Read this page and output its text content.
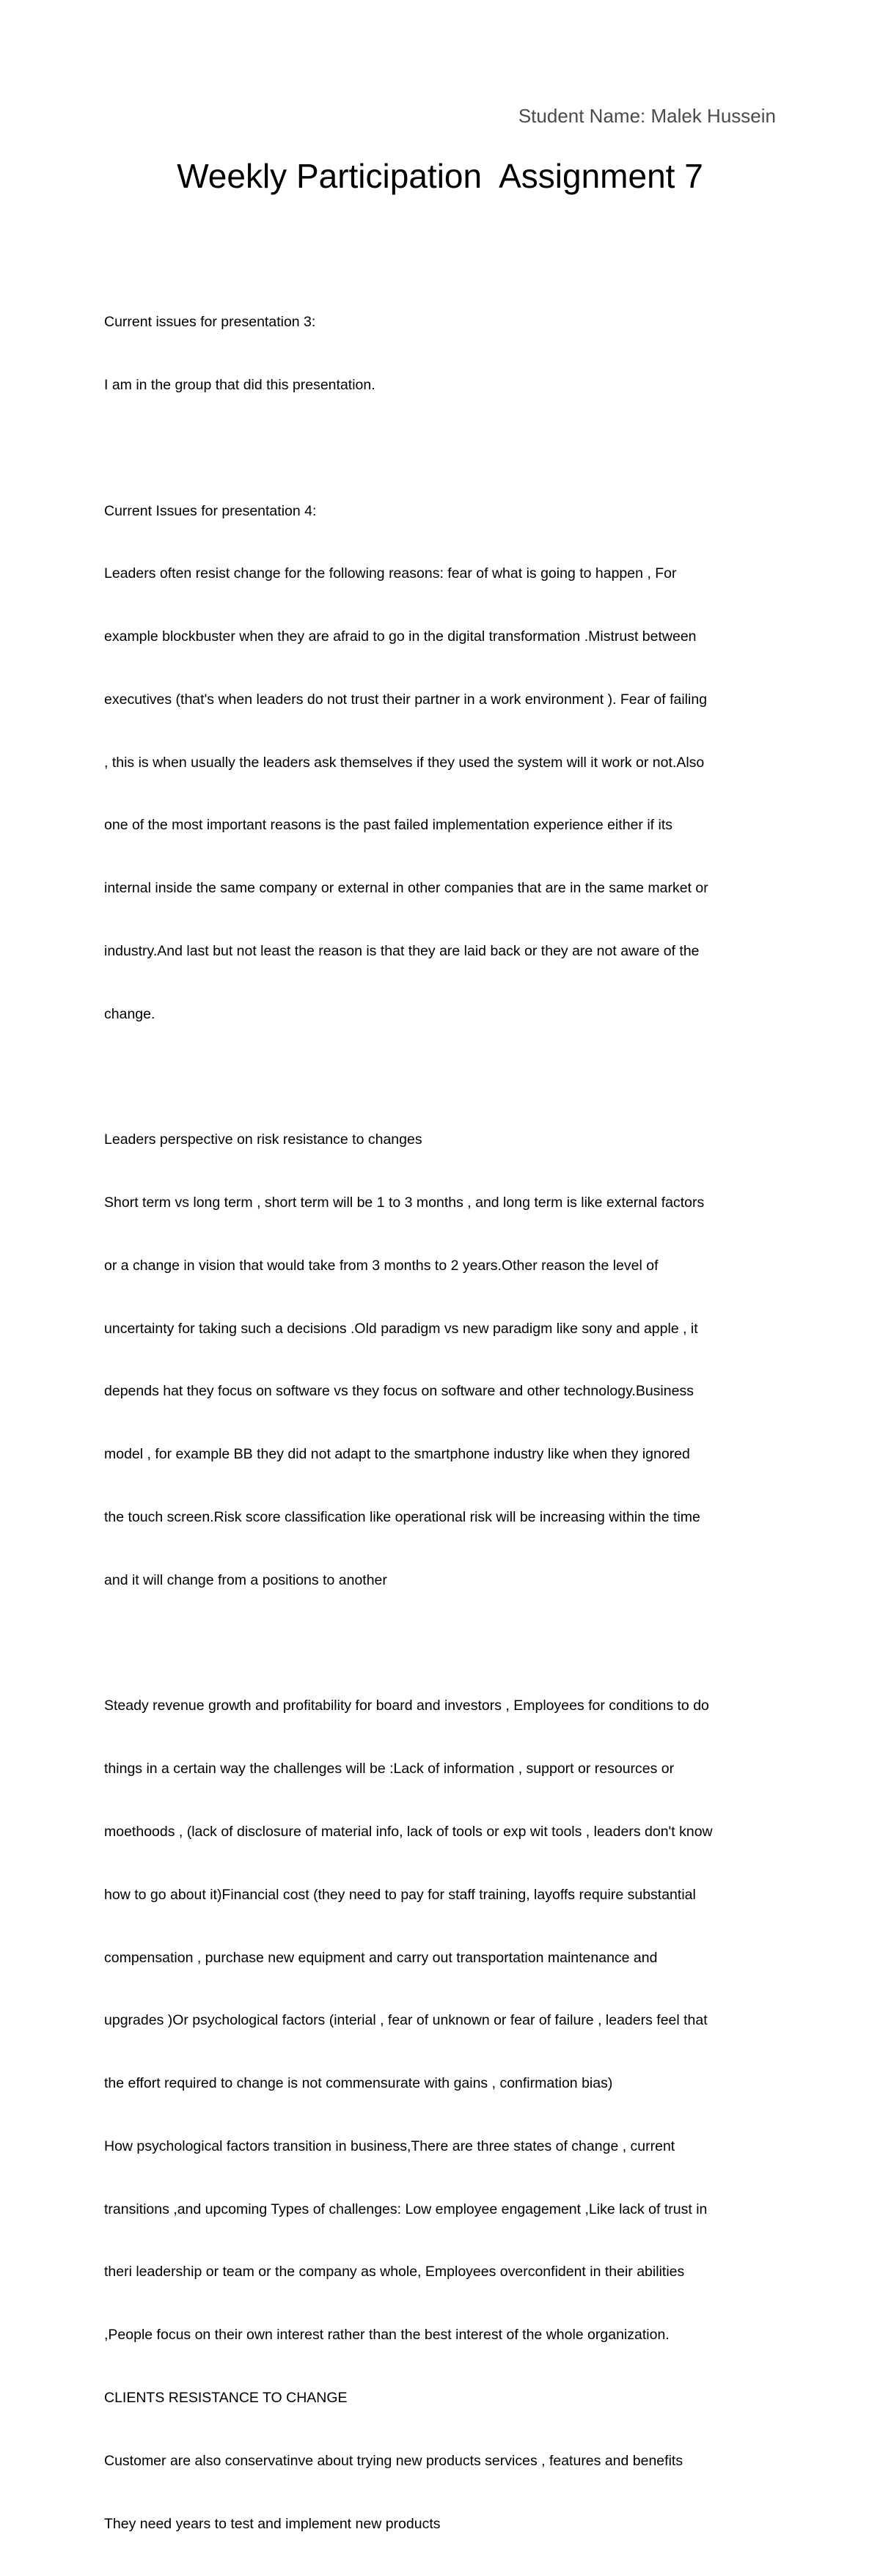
Student Name: Malek Hussein
Weekly Participation  Assignment 7

Current issues for presentation 3:

I am in the group that did this presentation.

Current Issues for presentation 4:

Leaders often resist change for the following reasons: fear of what is going to happen , For

example blockbuster when they are afraid to go in the digital transformation .Mistrust between

executives (that's when leaders do not trust their partner in a work environment ). Fear of failing

, this is when usually the leaders ask themselves if they used the system will it work or not.Also

one of the most important reasons is the past failed implementation experience either if its

internal inside the same company or external in other companies that are in the same market or

industry.And last but not least the reason is that they are laid back or they are not aware of the

change.

Leaders perspective on risk resistance to changes

Short term vs long term , short term will be 1 to 3 months , and long term is like external factors

or a change in vision that would take from 3 months to 2 years.Other reason the level of

uncertainty for taking such a decisions .Old paradigm vs new paradigm like sony and apple , it

depends hat they focus on software vs they focus on software and other technology.Business

model , for example BB they did not adapt to the smartphone industry like when they ignored

the touch screen.Risk score classification like operational risk will be increasing within the time

and it will change from a positions to another

Steady revenue growth and profitability for board and investors , Employees for conditions to do

things in a certain way the challenges will be :Lack of information , support or resources or

moethoods , (lack of disclosure of material info, lack of tools or exp wit tools , leaders don't know

how to go about it)Financial cost (they need to pay for staff training, layoffs require substantial

compensation , purchase new equipment and carry out transportation maintenance and

upgrades )Or psychological factors (interial , fear of unknown or fear of failure , leaders feel that

the effort required to change is not commensurate with gains , confirmation bias)

How psychological factors transition in business,There are three states of change , current

transitions ,and upcoming Types of challenges: Low employee engagement ,Like lack of trust in

theri leadership or team or the company as whole, Employees overconfident in their abilities

,People focus on their own interest rather than the best interest of the whole organization.

CLIENTS RESISTANCE TO CHANGE

Customer are also conservatinve about trying new products services , features and benefits

They need years to test and implement new products
